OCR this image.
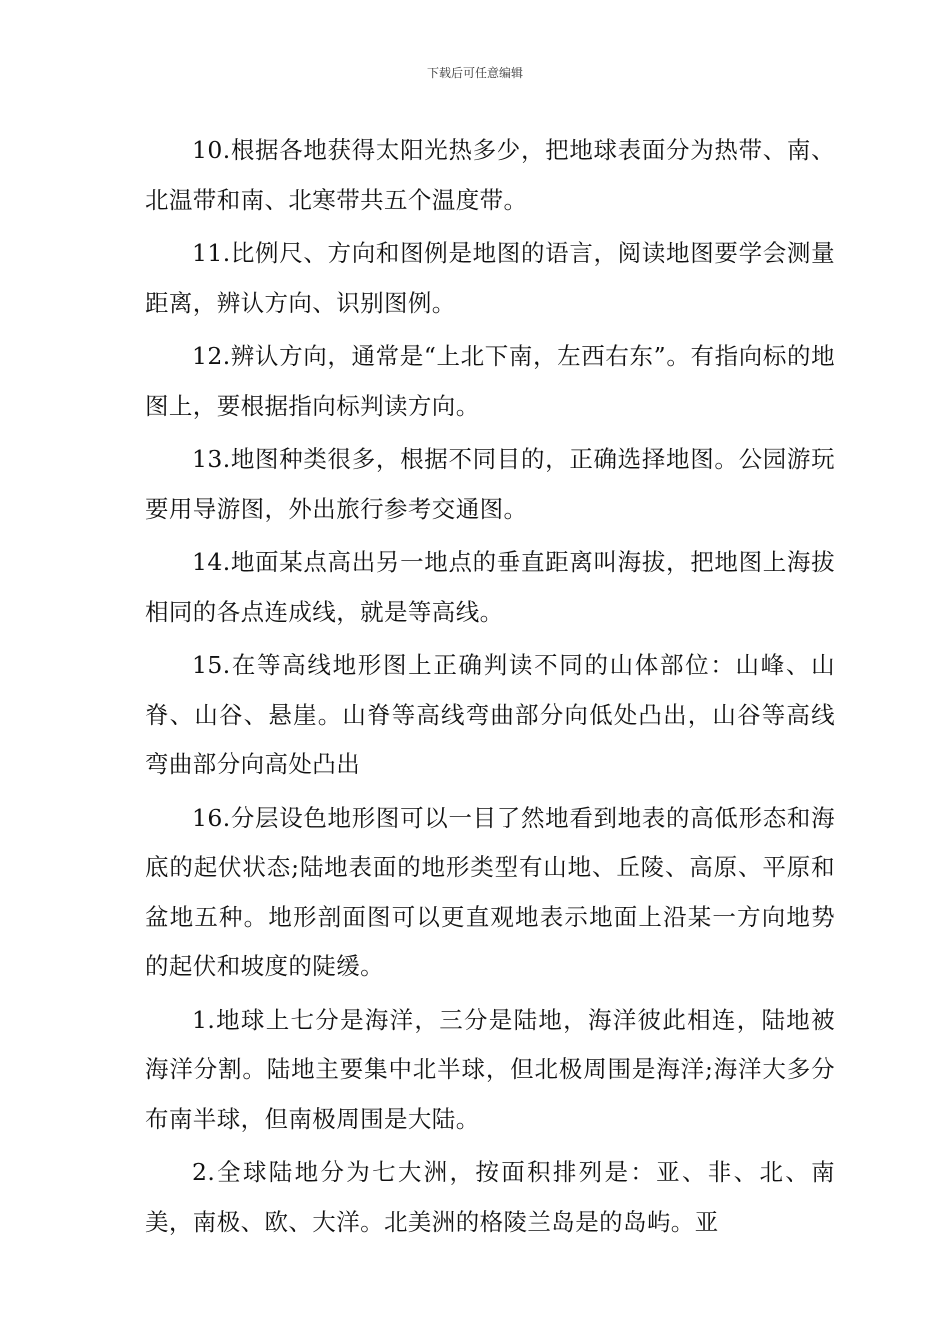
下载后可任意编辑

10.根据各地获得太阳光热多少，把地球表面分为热带、南、北温带和南、北寒带共五个温度带。

11.比例尺、方向和图例是地图的语言，阅读地图要学会测量距离，辨认方向、识别图例。

12.辨认方向，通常是“上北下南，左西右东”。有指向标的地图上，要根据指向标判读方向。

13.地图种类很多，根据不同目的，正确选择地图。公园游玩要用导游图，外出旅行参考交通图。

14.地面某点高出另一地点的垂直距离叫海拔，把地图上海拔相同的各点连成线，就是等高线。

15.在等高线地形图上正确判读不同的山体部位：山峰、山脊、山谷、悬崖。山脊等高线弯曲部分向低处凸出，山谷等高线弯曲部分向高处凸出

16.分层设色地形图可以一目了然地看到地表的高低形态和海底的起伏状态;陆地表面的地形类型有山地、丘陵、高原、平原和盆地五种。地形剖面图可以更直观地表示地面上沿某一方向地势的起伏和坡度的陡缓。

1.地球上七分是海洋，三分是陆地，海洋彼此相连，陆地被海洋分割。陆地主要集中北半球，但北极周围是海洋;海洋大多分布南半球，但南极周围是大陆。

2.全球陆地分为七大洲，按面积排列是：亚、非、北、南美，南极、欧、大洋。北美洲的格陵兰岛是的岛屿。亚
